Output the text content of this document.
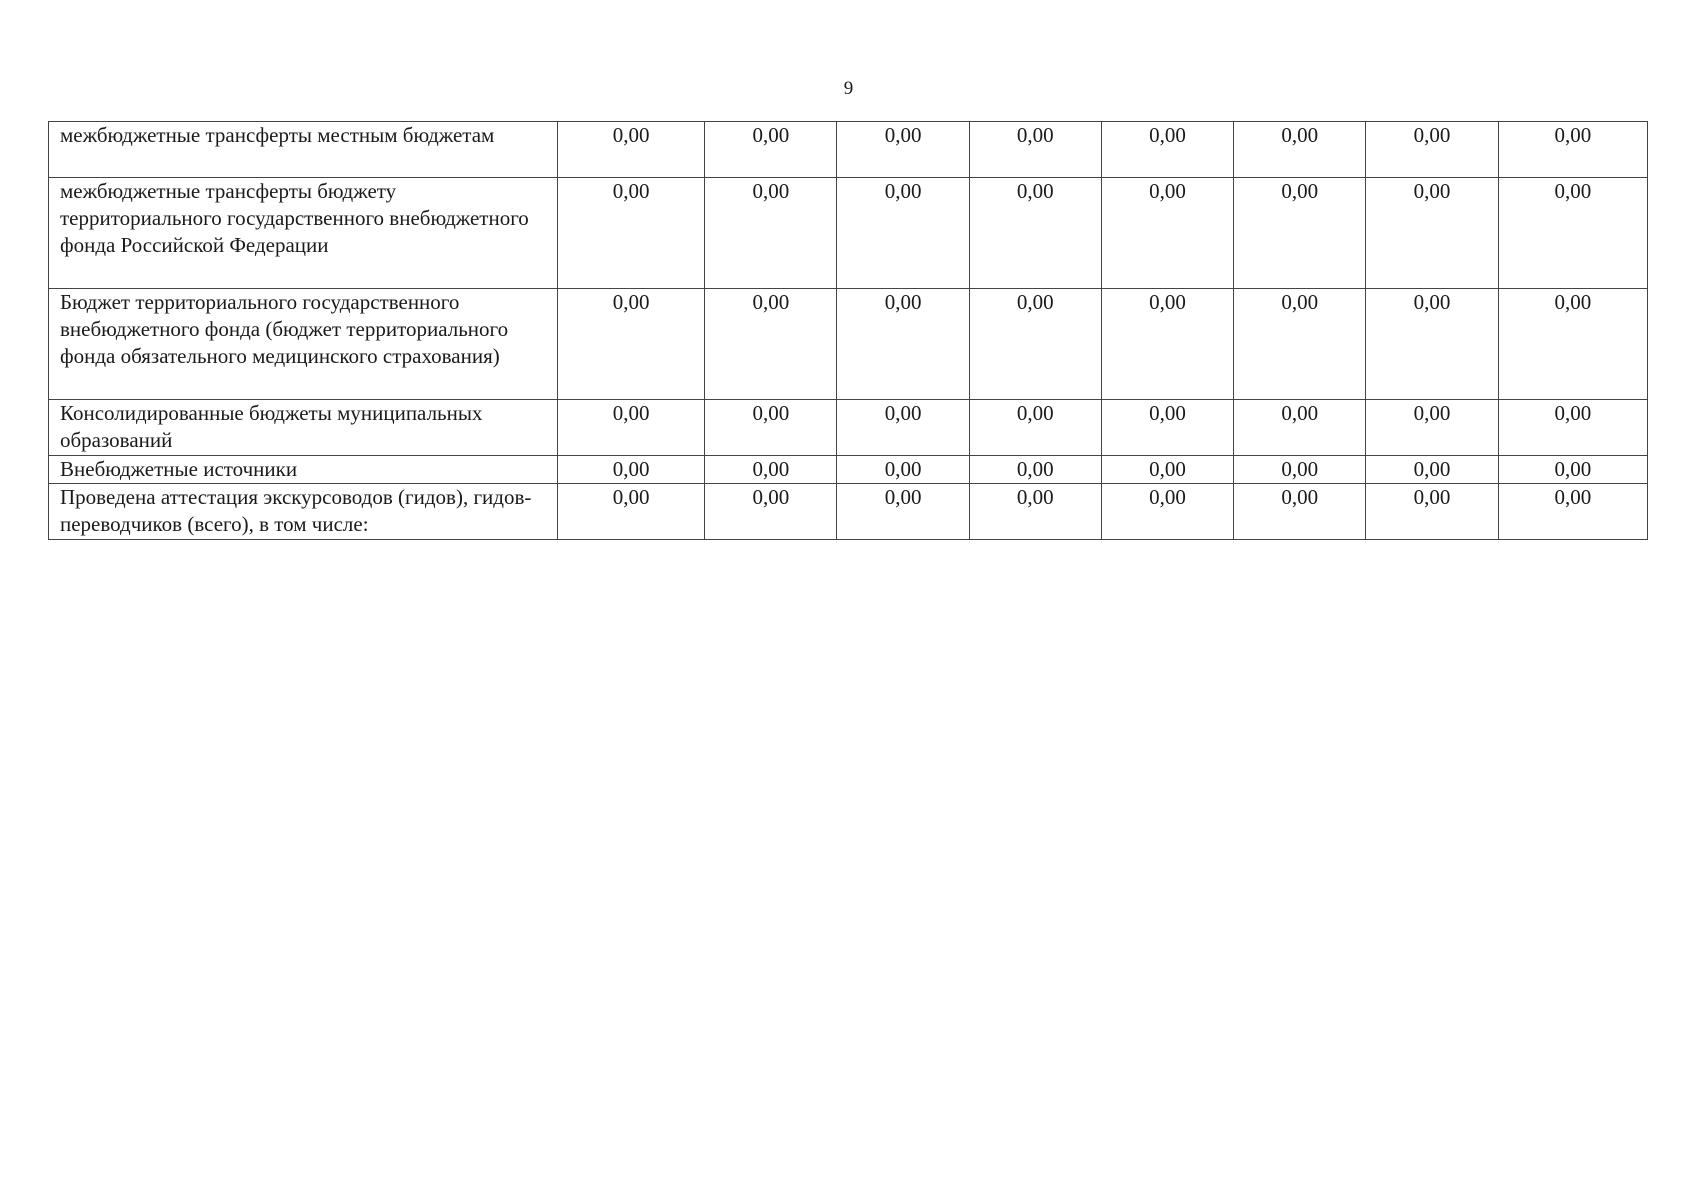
9
межбюджетные трансферты местным бюджетам	0,00	0,00	0,00	0,00	0,00	0,00	0,00	0,00
межбюджетные трансферты бюджету территориального государственного внебюджетного фонда Российской Федерации	0,00	0,00	0,00	0,00	0,00	0,00	0,00	0,00
Бюджет территориального государственного внебюджетного фонда (бюджет территориального фонда обязательного медицинского страхования)	0,00	0,00	0,00	0,00	0,00	0,00	0,00	0,00
Консолидированные бюджеты муниципальных образований	0,00	0,00	0,00	0,00	0,00	0,00	0,00	0,00
Внебюджетные источники	0,00	0,00	0,00	0,00	0,00	0,00	0,00	0,00
Проведена аттестация экскурсоводов (гидов), гидов-переводчиков (всего), в том числе:	0,00	0,00	0,00	0,00	0,00	0,00	0,00	0,00
